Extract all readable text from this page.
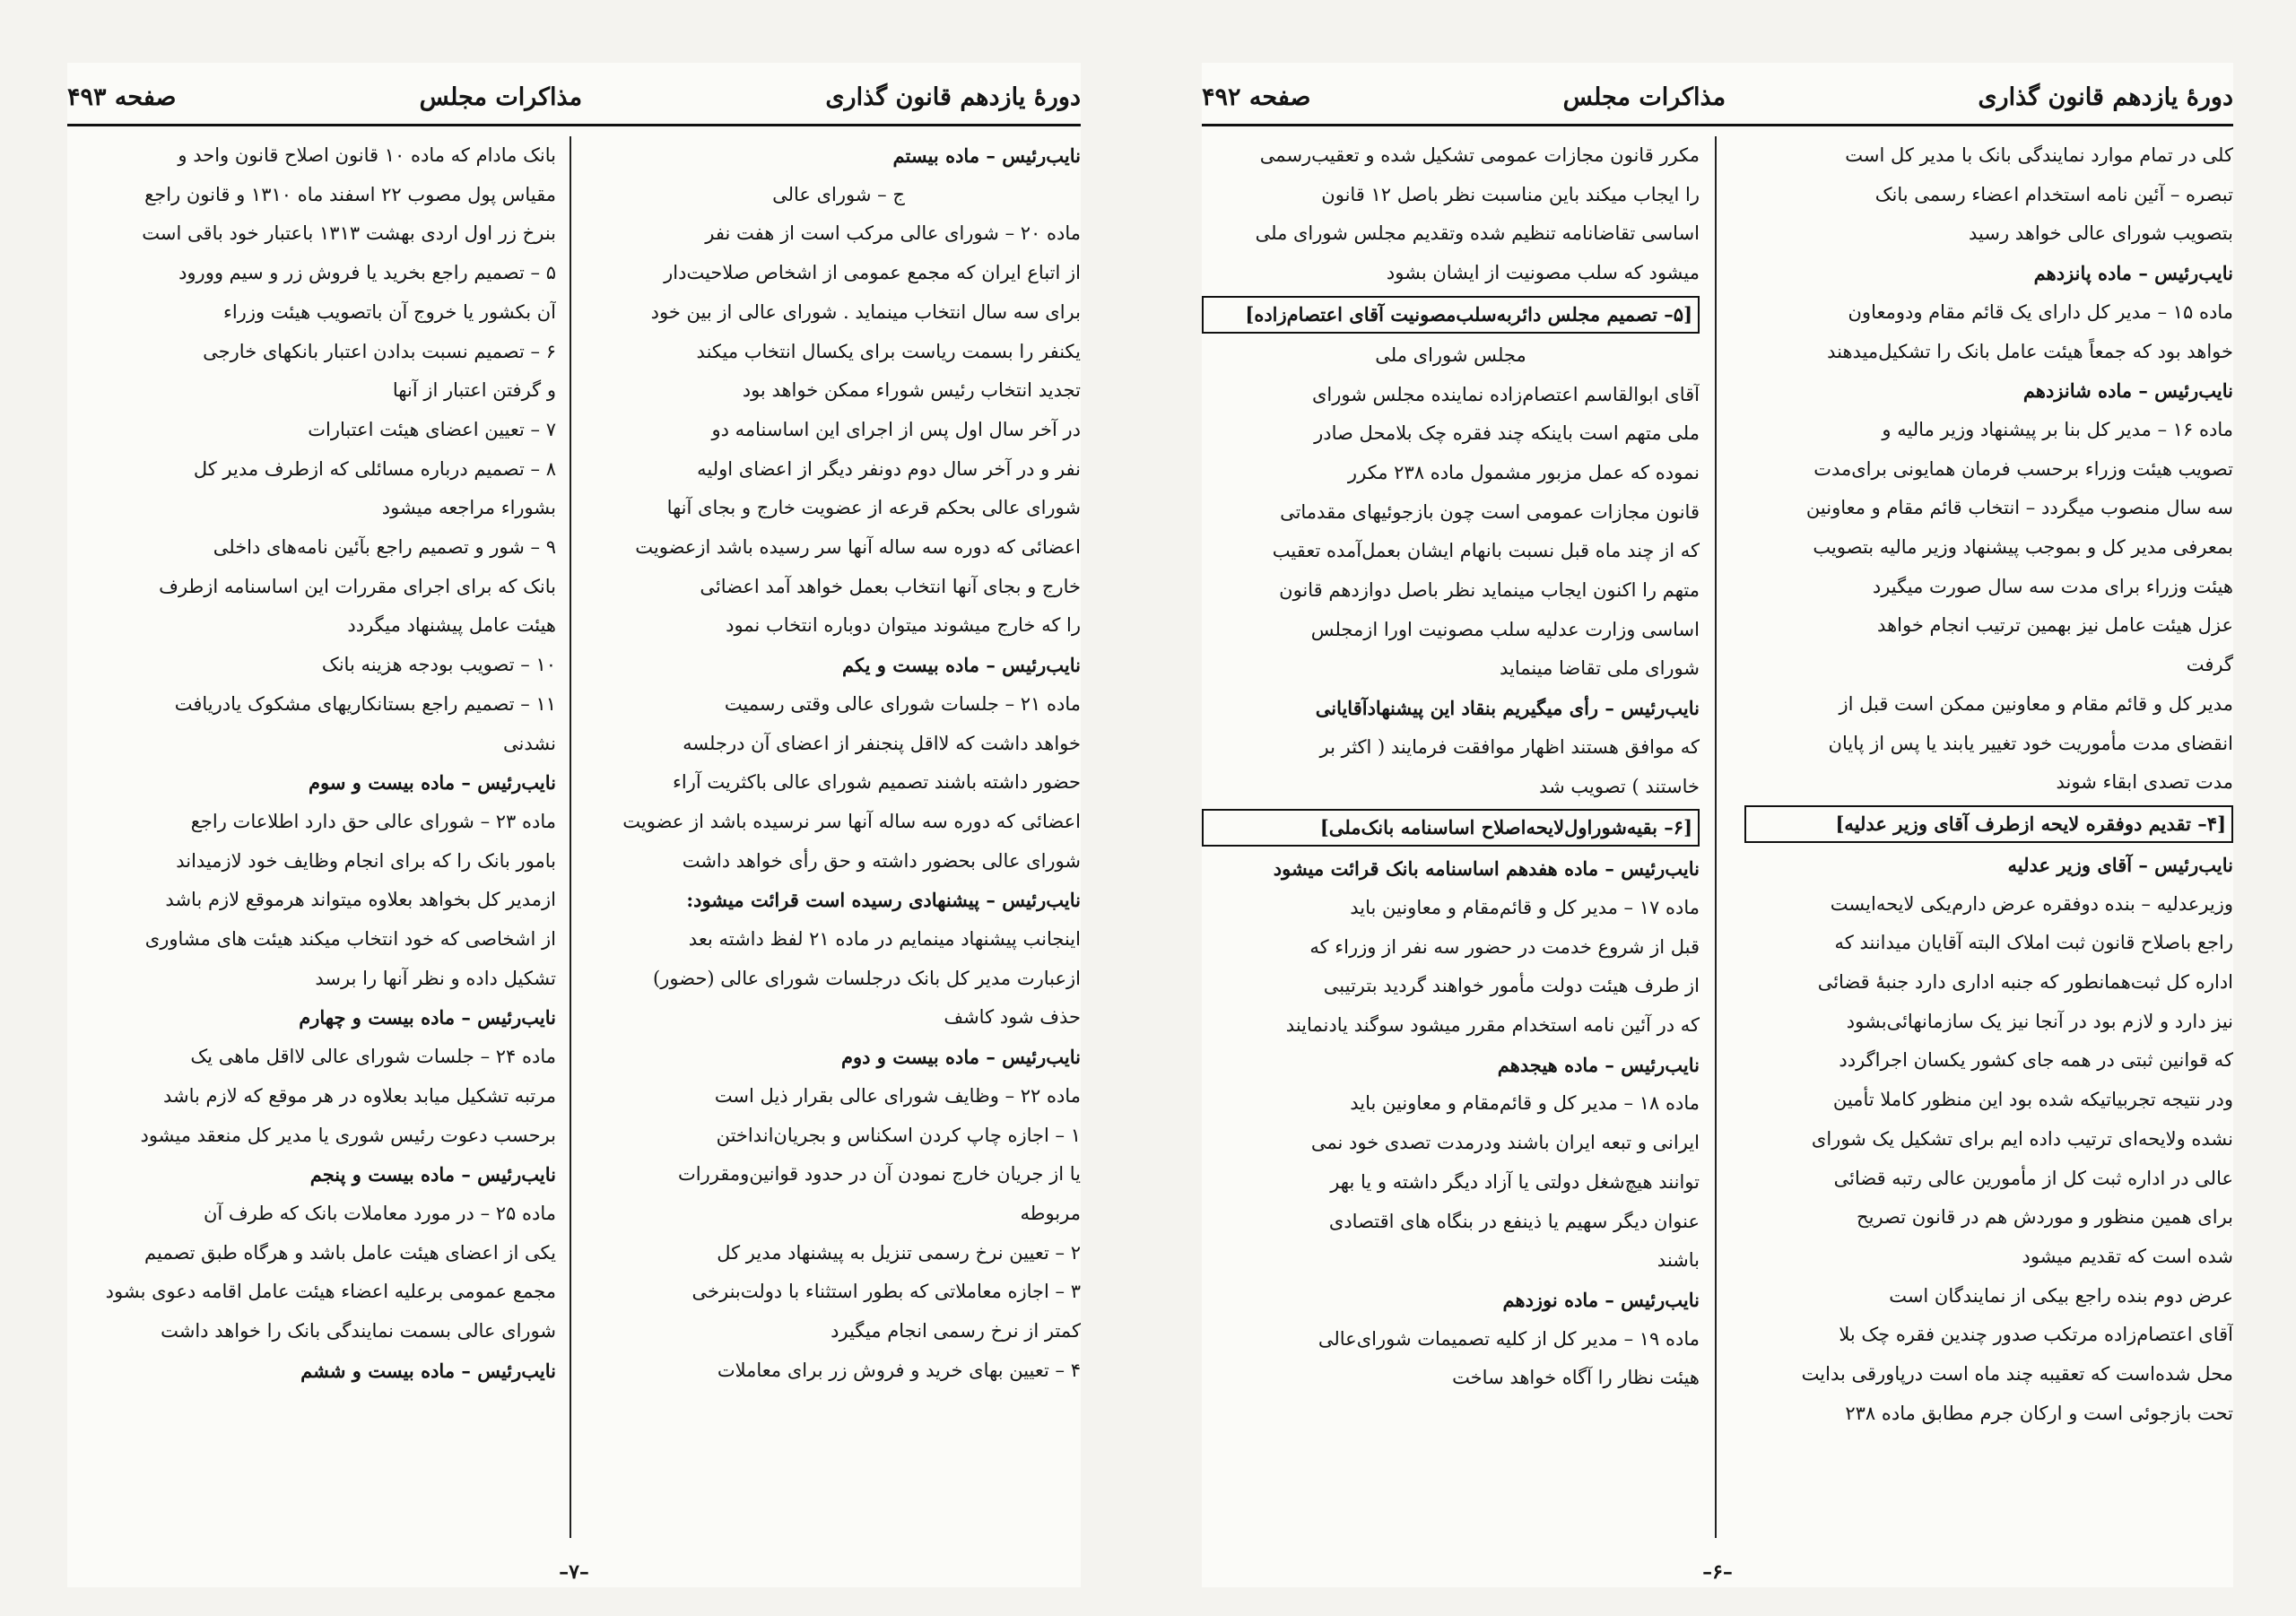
دورهٔ یازدهم قانون گذاری
مذاکرات مجلس
صفحه ۴۹۳
نایب‌رئیس – ماده بیستم
ج – شورای عالی
ماده ۲۰ – شورای عالی مرکب است از هفت نفر
از اتباع ایران که مجمع عمومی از اشخاص صلاحیت‌دار
برای سه سال انتخاب مینماید . شورای عالی از بین خود
یکنفر را بسمت ریاست برای یکسال انتخاب میکند
تجدید انتخاب رئیس شوراء ممکن خواهد بود
در آخر سال اول پس از اجرای این اساسنامه دو
نفر و در آخر سال دوم دونفر دیگر از اعضای اولیه
شورای عالی بحکم قرعه از عضویت خارج و بجای آنها
اعضائی که دوره سه ساله آنها سر رسیده باشد ازعضویت
خارج و بجای آنها انتخاب بعمل خواهد آمد اعضائی
را که خارج میشوند میتوان دوباره انتخاب نمود
نایب‌رئیس – ماده بیست و یکم
ماده ۲۱ – جلسات شورای عالی وقتی رسمیت
خواهد داشت که لااقل پنجنفر از اعضای آن درجلسه
حضور داشته باشند تصمیم شورای عالی باکثریت آراء
اعضائی که دوره سه ساله آنها سر نرسیده باشد از عضویت
شورای عالی بحضور داشته و حق رأی خواهد داشت
نایب‌رئیس – پیشنهادی رسیده است قرائت میشود:
اینجانب پیشنهاد مینمایم در ماده ۲۱ لفظ داشته بعد
ازعبارت مدیر کل بانک درجلسات شورای عالی (حضور)
حذف شود کاشف
نایب‌رئیس – ماده بیست و دوم
ماده ۲۲ – وظایف شورای عالی بقرار ذیل است
۱ – اجازه چاپ کردن اسکناس و بجریان‌انداختن
یا از جریان خارج نمودن آن در حدود قوانین‌ومقررات
مربوطه
۲ – تعیین نرخ رسمی تنزیل به پیشنهاد مدیر کل
۳ – اجازه معاملاتی که بطور استثناء با دولت‌بنرخی
کمتر از نرخ رسمی انجام میگیرد
۴ – تعیین بهای خرید و فروش زر برای معاملات
بانک مادام که ماده ۱۰ قانون اصلاح قانون واحد و
مقیاس پول مصوب ۲۲ اسفند ماه ۱۳۱۰ و قانون راجع
بنرخ زر اول اردی بهشت ۱۳۱۳ باعتبار خود باقی است
۵ – تصمیم راجع بخرید یا فروش زر و سیم وورود
آن بکشور یا خروج آن باتصویب هیئت وزراء
۶ – تصمیم نسبت بدادن اعتبار بانکهای خارجی
و گرفتن اعتبار از آنها
۷ – تعیین اعضای هیئت اعتبارات
۸ – تصمیم درباره مسائلی که ازطرف مدیر کل
بشوراء مراجعه میشود
۹ – شور و تصمیم راجع بآئین نامه‌های داخلی
بانک که برای اجرای مقررات این اساسنامه ازطرف
هیئت عامل پیشنهاد میگردد
۱۰ – تصویب بودجه هزینه بانک
۱۱ – تصمیم راجع بستانکاریهای مشکوک یادریافت
نشدنی
نایب‌رئیس – ماده بیست و سوم
ماده ۲۳ – شورای عالی حق دارد اطلاعات راجع
بامور بانک را که برای انجام وظایف خود لازمیداند
ازمدیر کل بخواهد بعلاوه میتواند هرموقع لازم باشد
از اشخاصی که خود انتخاب میکند هیئت های مشاوری
تشکیل داده و نظر آنها را برسد
نایب‌رئیس – ماده بیست و چهارم
ماده ۲۴ – جلسات شورای عالی لااقل ماهی یک
مرتبه تشکیل میابد بعلاوه در هر موقع که لازم باشد
برحسب دعوت رئیس شوری یا مدیر کل منعقد میشود
نایب‌رئیس – ماده بیست و پنجم
ماده ۲۵ – در مورد معاملات بانک که طرف آن
یکی از اعضای هیئت عامل باشد و هرگاه طبق تصمیم
مجمع عمومی برعلیه اعضاء هیئت عامل اقامه دعوی بشود
شورای عالی بسمت نمایندگی بانک را خواهد داشت
نایب‌رئیس – ماده بیست و ششم
–۷–
دورهٔ یازدهم قانون گذاری
مذاکرات مجلس
صفحه ۴۹۲
کلی در تمام موارد نمایندگی بانک با مدیر کل است
تبصره – آئین نامه استخدام اعضاء رسمی بانک
بتصویب شورای عالی خواهد رسید
نایب‌رئیس – ماده پانزدهم
ماده ۱۵ – مدیر کل دارای یک قائم مقام ودومعاون
خواهد بود که جمعاً هیئت عامل بانک را تشکیل‌میدهند
نایب‌رئیس – ماده شانزدهم
ماده ۱۶ – مدیر کل بنا بر پیشنهاد وزیر مالیه و
تصویب هیئت وزراء برحسب فرمان همایونی برای‌مدت
سه سال منصوب میگردد – انتخاب قائم مقام و معاونین
بمعرفی مدیر کل و بموجب پیشنهاد وزیر مالیه بتصویب
هیئت وزراء برای مدت سه سال صورت میگیرد
عزل هیئت عامل نیز بهمین ترتیب انجام خواهد
گرفت
مدیر کل و قائم مقام و معاونین ممکن است قبل از
انقضای مدت مأموریت خود تغییر یابند یا پس از پایان
مدت تصدی ابقاء شوند
[۴– تقدیم دوفقره لایحه ازطرف آقای وزیر عدلیه]
نایب‌رئیس – آقای وزیر عدلیه
وزیرعدلیه – بنده دوفقره عرض دارم‌یکی لایحه‌ایست
راجع باصلاح قانون ثبت املاک البته آقایان میدانند که
اداره کل ثبت‌همانطور که جنبه اداری دارد جنبهٔ قضائی
نیز دارد و لازم بود در آنجا نیز یک سازمانهائی‌بشود
که قوانین ثبتی در همه جای کشور یکسان اجراگردد
ودر نتیجه تجربیاتیکه شده بود این منظور کاملا تأمین
نشده ولایحه‌ای ترتیب داده ایم برای تشکیل یک شورای
عالی در اداره ثبت کل از مأمورین عالی رتبه قضائی
برای همین منظور و موردش هم در قانون تصریح
شده است که تقدیم میشود
عرض دوم بنده راجع بیکی از نمایندگان است
آقای اعتصام‌زاده مرتکب صدور چندین فقره چک بلا
محل شده‌است که تعقیبه چند ماه است درپاورقی بدایت
تحت بازجوئی است و ارکان جرم مطابق ماده ۲۳۸
مکرر قانون مجازات عمومی تشکیل شده و تعقیب‌رسمی
را ایجاب میکند باین مناسبت نظر باصل ۱۲ قانون
اساسی تقاضانامه تنظیم شده وتقدیم مجلس شورای ملی
میشود که سلب مصونیت از ایشان بشود
[۵– تصمیم مجلس دائربه‌سلب‌مصونیت آقای اعتصام‌زاده]
مجلس شورای ملی
آقای ابوالقاسم اعتصام‌زاده نماینده مجلس شورای
ملی متهم است باینکه چند فقره چک بلامحل صادر
نموده که عمل مزبور مشمول ماده ۲۳۸ مکرر
قانون مجازات عمومی است چون بازجوئیهای مقدماتی
که از چند ماه قبل نسبت بانهام ایشان بعمل‌آمده تعقیب
متهم را اکنون ایجاب مینماید نظر باصل دوازدهم قانون
اساسی وزارت عدلیه سلب مصونیت اورا ازمجلس
شورای ملی تقاضا مینماید
نایب‌رئیس – رأی میگیریم بنقاد این پیشنهادآقایانی
که موافق هستند اظهار موافقت فرمایند ( اکثر بر
خاستند ) تصویب شد
[۶– بقیه‌شوراول‌لایحه‌اصلاح اساسنامه بانک‌ملی]
نایب‌رئیس – ماده هفدهم اساسنامه بانک قرائت میشود
ماده ۱۷ – مدیر کل و قائم‌مقام و معاونین باید
قبل از شروع خدمت در حضور سه نفر از وزراء که
از طرف هیئت دولت مأمور خواهند گردید بترتیبی
که در آئین نامه استخدام مقرر میشود سوگند یادنمایند
نایب‌رئیس – ماده هیجدهم
ماده ۱۸ – مدیر کل و قائم‌مقام و معاونین باید
ایرانی و تبعه ایران باشند ودرمدت تصدی خود نمی
توانند هیچ‌شغل دولتی یا آزاد دیگر داشته و یا بهر
عنوان دیگر سهیم یا ذینفع در بنگاه های اقتصادی
باشند
نایب‌رئیس – ماده نوزدهم
ماده ۱۹ – مدیر کل از کلیه تصمیمات شورای‌عالی
هیئت نظار را آگاه خواهد ساخت
–۶–
